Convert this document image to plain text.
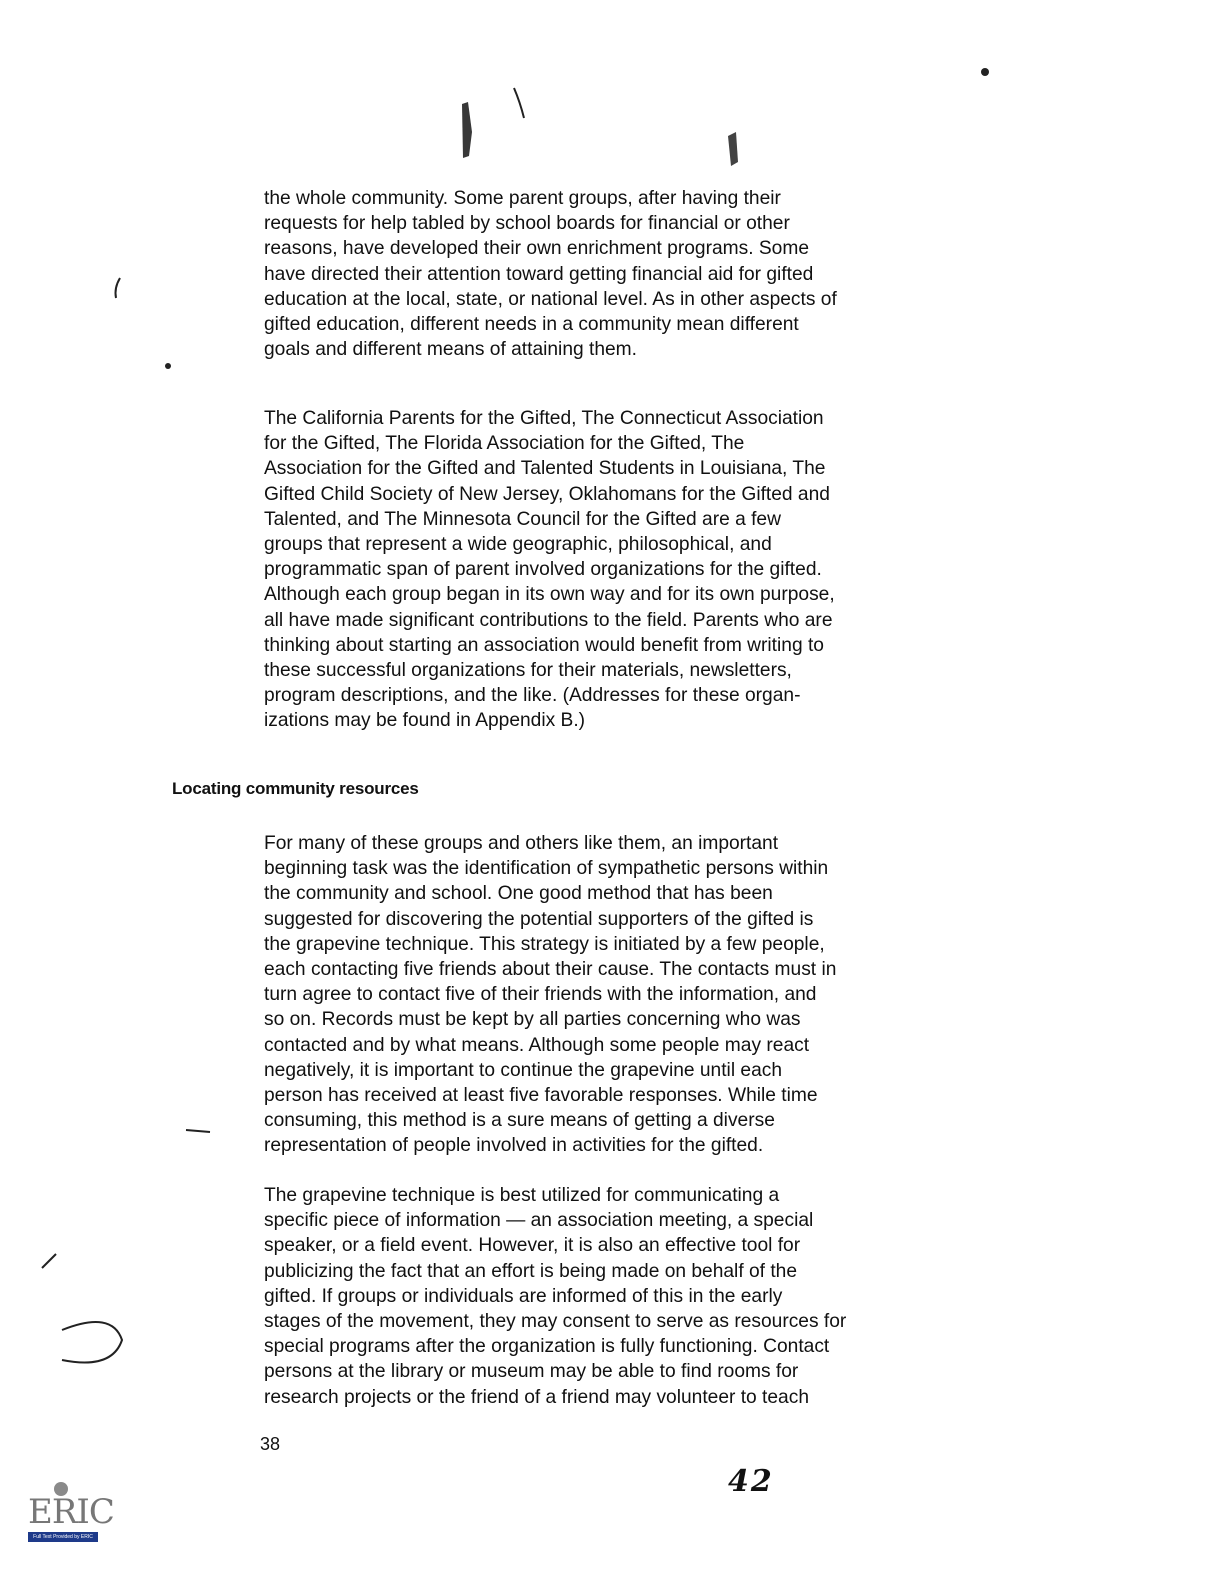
the whole community. Some parent groups, after having their
requests for help tabled by school boards for financial or other
reasons, have developed their own enrichment programs. Some
have directed their attention toward getting financial aid for gifted
education at the local, state, or national level. As in other aspects of
gifted education, different needs in a community mean different
goals and different means of attaining them.

The California Parents for the Gifted, The Connecticut Association
for the Gifted, The Florida Association for the Gifted, The
Association for the Gifted and Talented Students in Louisiana, The
Gifted Child Society of New Jersey, Oklahomans for the Gifted and
Talented, and The Minnesota Council for the Gifted are a few
groups that represent a wide geographic, philosophical, and
programmatic span of parent involved organizations for the gifted.
Although each group began in its own way and for its own purpose,
all have made significant contributions to the field. Parents who are
thinking about starting an association would benefit from writing to
these successful organizations for their materials, newsletters,
program descriptions, and the like. (Addresses for these organ-
izations may be found in Appendix B.)

Locating community resources

For many of these groups and others like them, an important
beginning task was the identification of sympathetic persons within
the community and school. One good method that has been
suggested for discovering the potential supporters of the gifted is
the grapevine technique. This strategy is initiated by a few people,
each contacting five friends about their cause. The contacts must in
turn agree to contact five of their friends with the information, and
so on. Records must be kept by all parties concerning who was
contacted and by what means. Although some people may react
negatively, it is important to continue the grapevine until each
person has received at least five favorable responses. While time
consuming, this method is a sure means of getting a diverse
representation of people involved in activities for the gifted.

The grapevine technique is best utilized for communicating a
specific piece of information — an association meeting, a special
speaker, or a field event. However, it is also an effective tool for
publicizing the fact that an effort is being made on behalf of the
gifted. If groups or individuals are informed of this in the early
stages of the movement, they may consent to serve as resources for
special programs after the organization is fully functioning. Contact
persons at the library or museum may be able to find rooms for
research projects or the friend of a friend may volunteer to teach

38

42

ERIC
Full Text Provided by ERIC
